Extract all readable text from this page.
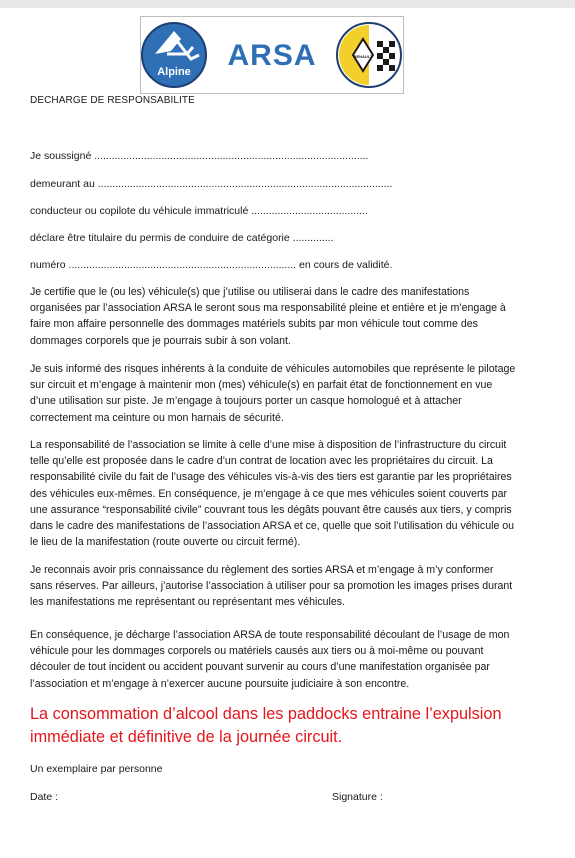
Alpine ARSA	RENAULT
DECHARGE DE RESPONSABILITE
Je soussigné ..............................................................................................
demeurant au .....................................................................................................
conducteur ou copilote du véhicule immatriculé ........................................
déclare être titulaire du permis de conduire de catégorie ..............
numéro .............................................................................. en cours de validité.

Je certifie que le (ou les) véhicule(s) que j’utilise ou utiliserai dans le cadre des manifestations organisées par l’association ARSA le seront sous ma responsabilité pleine et entière et je m’engage à faire mon affaire personnelle des dommages matériels subits par mon véhicule tout comme des dommages corporels que je pourrais subir à son volant.

Je suis informé des risques inhérents à la conduite de véhicules automobiles que représente le pilotage sur circuit et m’engage à maintenir mon (mes) véhicule(s) en parfait état de fonctionnement en vue d’une utilisation sur piste. Je m’engage à toujours porter un casque homologué et à attacher correctement ma ceinture ou mon harnais de sécurité.

La responsabilité de l’association se limite à celle d’une mise à disposition de l’infrastructure du circuit telle qu’elle est proposée dans le cadre d’un contrat de location avec les propriétaires du circuit. La responsabilité civile du fait de l’usage des véhicules vis-à-vis des tiers est garantie par les propriétaires des véhicules eux-mêmes. En conséquence, je m’engage à ce que mes véhicules soient couverts par une assurance “responsabilité civile” couvrant tous les dégâts pouvant être causés aux tiers, y compris dans le cadre des manifestations de l’association ARSA et ce, quelle que soit l’utilisation du véhicule ou le lieu de la manifestation (route ouverte ou circuit fermé).

Je reconnais avoir pris connaissance du règlement des sorties ARSA et m’engage à m’y conformer sans réserves. Par ailleurs, j’autorise l’association à utiliser pour sa promotion les images prises durant les manifestations me représentant ou représentant mes véhicules.

En conséquence, je décharge l’association ARSA de toute responsabilité découlant de l’usage de mon véhicule pour les dommages corporels ou matériels causés aux tiers ou à moi-même ou pouvant découler de tout incident ou accident pouvant survenir au cours d’une manifestation organisée par l’association et m’engage à n’exercer aucune poursuite judiciaire à son encontre.

La consommation d’alcool dans les paddocks entraine l’expulsion immédiate et définitive de la journée circuit.

Un exemplaire par personne
Date :	Signature :
